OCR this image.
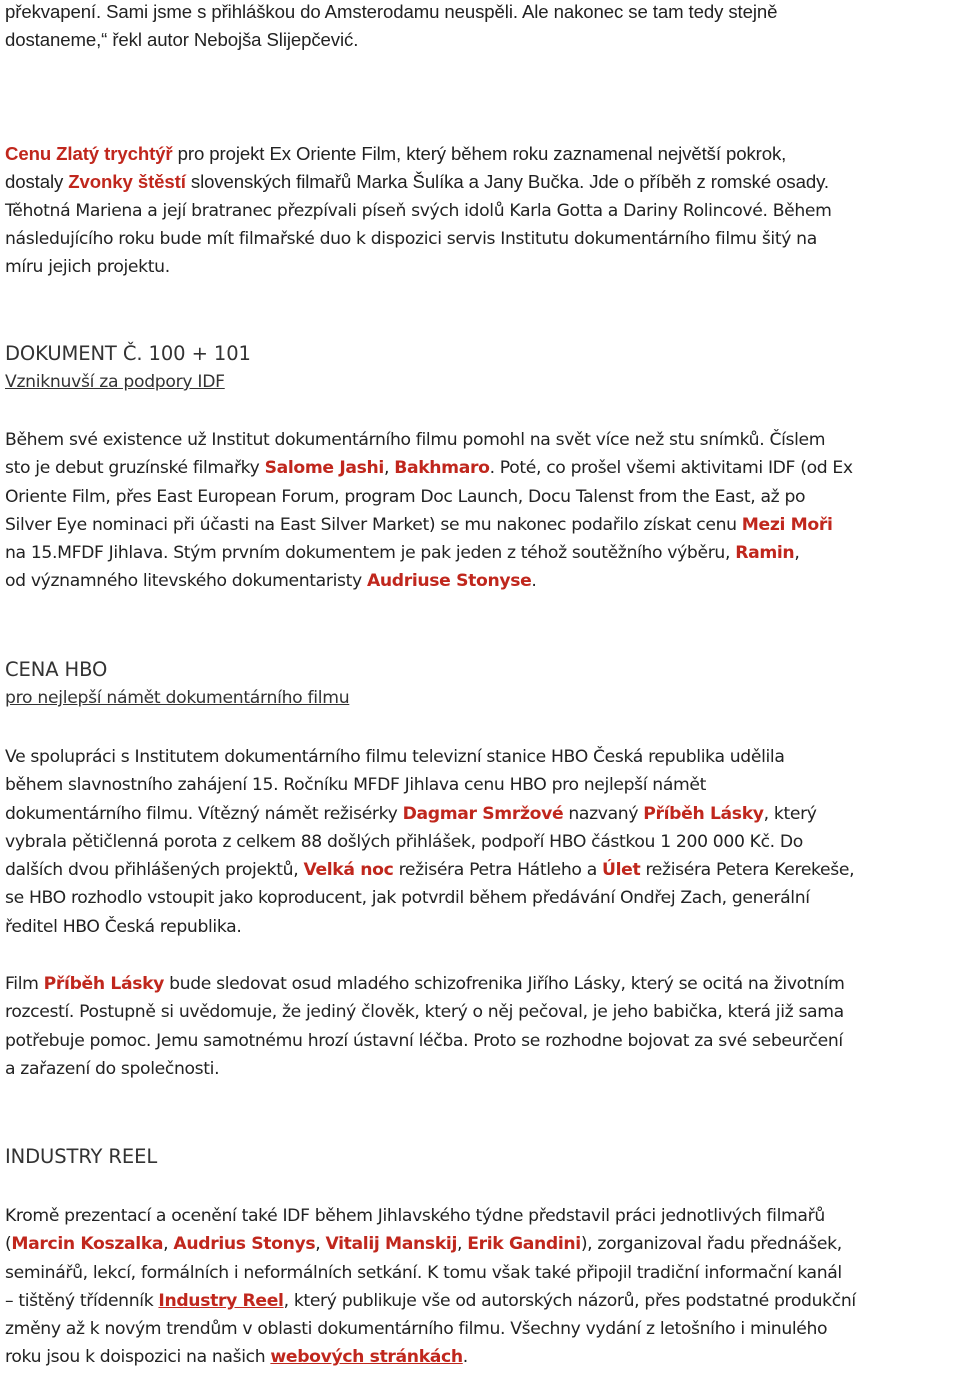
překvapení. Sami jsme s přihláškou do Amsterodamu neuspěli. Ale nakonec se tam tedy stejně

dostaneme,“ řekl autor Nebojša Slijepčević.

Cenu Zlatý trychtýř pro projekt Ex Oriente Film, který během roku zaznamenal největší pokrok,

dostaly Zvonky štěstí slovenských filmařů Marka Šulíka a Jany Bučka. Jde o příběh z romské osady.

Těhotná Mariena a její bratranec přezpívali píseň svých idolů Karla Gotta a Dariny Rolincové. Během

následujícího roku bude mít filmařské duo k dispozici servis Institutu dokumentárního filmu šitý na

míru jejich projektu.

DOKUMENT Č. 100 + 101

Vzniknuvší za podpory IDF

Během své existence už Institut dokumentárního filmu pomohl na svět více než stu snímků. Číslem

sto je debut gruzínské filmařky Salome Jashi, Bakhmaro. Poté, co prošel všemi aktivitami IDF (od Ex

Oriente Film, přes East European Forum, program Doc Launch, Docu Talenst from the East, až po

Silver Eye nominaci při účasti na East Silver Market) se mu nakonec podařilo získat cenu Mezi Moři

na 15.MFDF Jihlava. Stým prvním dokumentem je pak jeden z téhož soutěžního výběru, Ramin,

od významného litevského dokumentaristy Audriuse Stonyse.

CENA HBO

pro nejlepší námět dokumentárního filmu

Ve spolupráci s Institutem dokumentárního filmu televizní stanice HBO Česká republika udělila

během slavnostního zahájení 15. Ročníku MFDF Jihlava cenu HBO pro nejlepší námět

dokumentárního filmu. Vítězný námět režisérky Dagmar Smržové nazvaný Příběh Lásky, který

vybrala pětičlenná porota z celkem 88 došlých přihlášek, podpoří HBO částkou 1 200 000 Kč. Do

dalších dvou přihlášených projektů, Velká noc režiséra Petra Hátleho a Úlet režiséra Petera Kerekeše,

se HBO rozhodlo vstoupit jako koproducent, jak potvrdil během předávání Ondřej Zach, generální

ředitel HBO Česká republika.

Film Příběh Lásky bude sledovat osud mladého schizofrenika Jiřího Lásky, který se ocitá na životním

rozcestí. Postupně si uvědomuje, že jediný člověk, který o něj pečoval, je jeho babička, která již sama

potřebuje pomoc. Jemu samotnému hrozí ústavní léčba. Proto se rozhodne bojovat za své sebeurčení

a zařazení do společnosti.

INDUSTRY REEL

Kromě prezentací a ocenění také IDF během Jihlavského týdne představil práci jednotlivých filmařů

(Marcin Koszalka, Audrius Stonys, Vitalij Manskij, Erik Gandini), zorganizoval řadu přednášek,

seminářů, lekcí, formálních i neformálních setkání. K tomu však také připojil tradiční informační kanál

– tištěný třídenník Industry Reel, který publikuje vše od autorských názorů, přes podstatné produkční

změny až k novým trendům v oblasti dokumentárního filmu. Všechny vydání z letošního i minulého

roku jsou k doispozici na našich webových stránkách.
